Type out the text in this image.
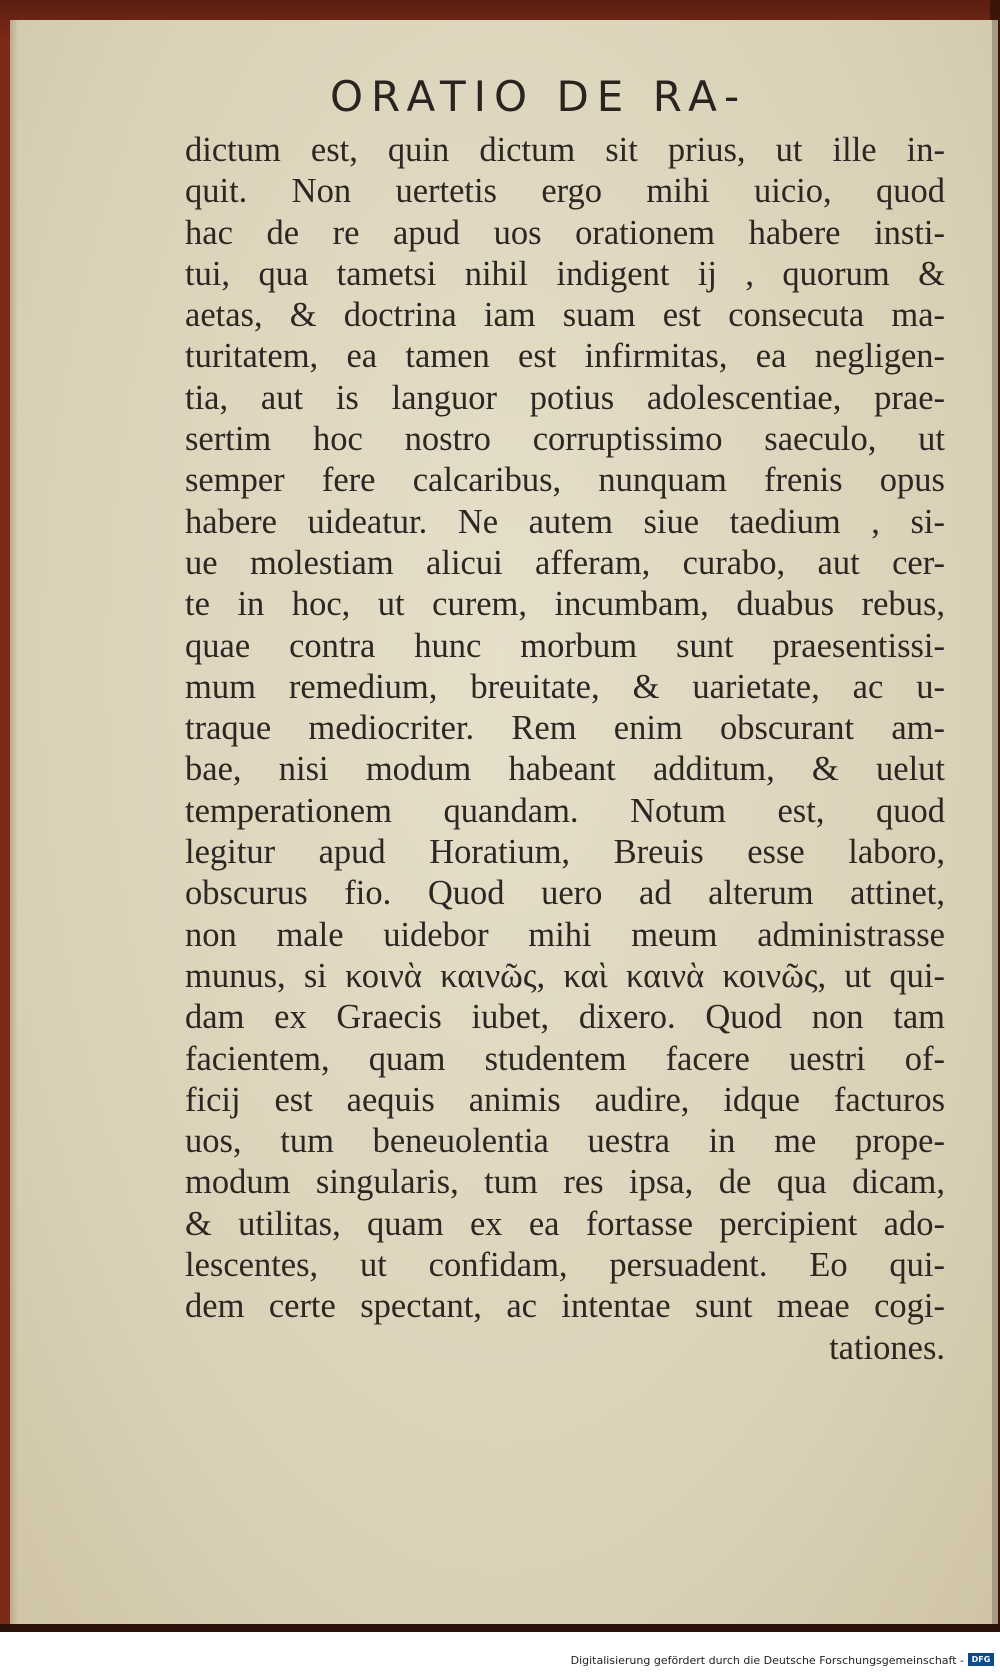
ORATIO DE RA-
dictum est, quin dictum sit prius, ut ille in-
quit. Non uertetis ergo mihi uicio, quod
hac de re apud uos orationem habere insti-
tui, qua tametsi nihil indigent ij , quorum &
aetas, & doctrina iam suam est consecuta ma-
turitatem, ea tamen est infirmitas, ea negligen-
tia, aut is languor potius adolescentiae, prae-
sertim hoc nostro corruptissimo saeculo, ut
semper fere calcaribus, nunquam frenis opus
habere uideatur. Ne autem siue taedium , si-
ue molestiam alicui afferam, curabo, aut cer-
te in hoc, ut curem, incumbam, duabus rebus,
quae contra hunc morbum sunt praesentissi-
mum remedium, breuitate, & uarietate, ac u-
traque mediocriter. Rem enim obscurant am-
bae, nisi modum habeant additum, & uelut
temperationem quandam. Notum est, quod
legitur apud Horatium, Breuis esse laboro,
obscurus fio. Quod uero ad alterum attinet,
non male uidebor mihi meum administrasse
munus, si κοινὰ καινῶς, καὶ καινὰ κοινῶς, ut qui-
dam ex Graecis iubet, dixero. Quod non tam
facientem, quam studentem facere uestri of-
ficij est aequis animis audire, idque facturos
uos, tum beneuolentia uestra in me prope-
modum singularis, tum res ipsa, de qua dicam,
& utilitas, quam ex ea fortasse percipient ado-
lescentes, ut confidam, persuadent. Eo qui-
dem certe spectant, ac intentae sunt meae cogi-
tationes.
Digitalisierung gefördert durch die Deutsche Forschungsgemeinschaft - DFG
